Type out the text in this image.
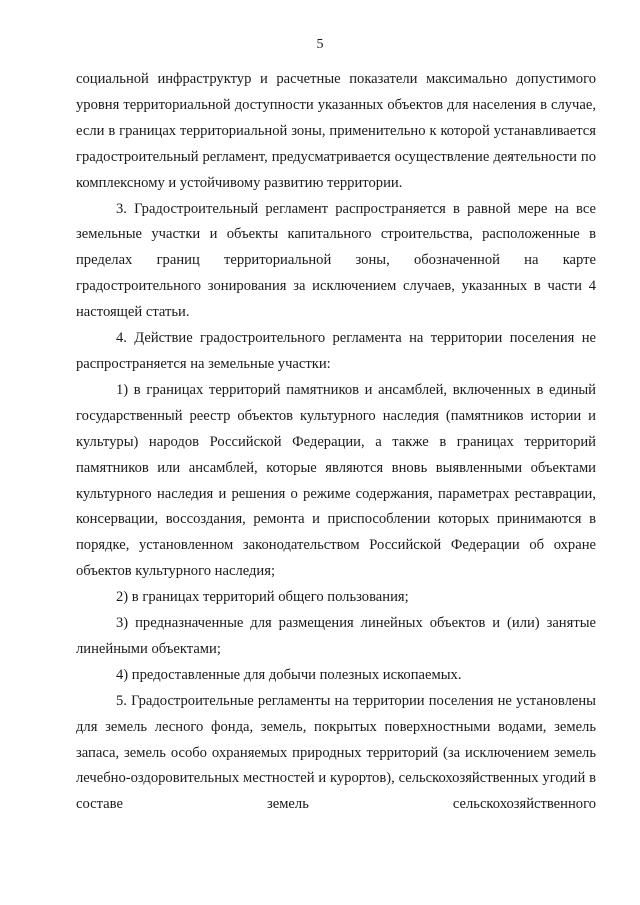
5

социальной инфраструктур и расчетные показатели максимально допустимого уровня территориальной доступности указанных объектов для населения в случае, если в границах территориальной зоны, применительно к которой устанавливается градостроительный регламент, предусматривается осуществление деятельности по комплексному и устойчивому развитию территории.

3. Градостроительный регламент распространяется в равной мере на все земельные участки и объекты капитального строительства, расположенные в пределах границ территориальной зоны, обозначенной на карте градостроительного зонирования за исключением случаев, указанных в части 4 настоящей статьи.

4. Действие градостроительного регламента на территории поселения не распространяется на земельные участки:

1) в границах территорий памятников и ансамблей, включенных в единый государственный реестр объектов культурного наследия (памятников истории и культуры) народов Российской Федерации, а также в границах территорий памятников или ансамблей, которые являются вновь выявленными объектами культурного наследия и решения о режиме содержания, параметрах реставрации, консервации, воссоздания, ремонта и приспособлении которых принимаются в порядке, установленном законодательством Российской Федерации об охране объектов культурного наследия;

2) в границах территорий общего пользования;

3) предназначенные для размещения линейных объектов и (или) занятые линейными объектами;

4) предоставленные для добычи полезных ископаемых.

5. Градостроительные регламенты на территории поселения не установлены для земель лесного фонда, земель, покрытых поверхностными водами, земель запаса, земель особо охраняемых природных территорий (за исключением земель лечебно-оздоровительных местностей и курортов), сельскохозяйственных угодий в составе земель сельскохозяйственного
